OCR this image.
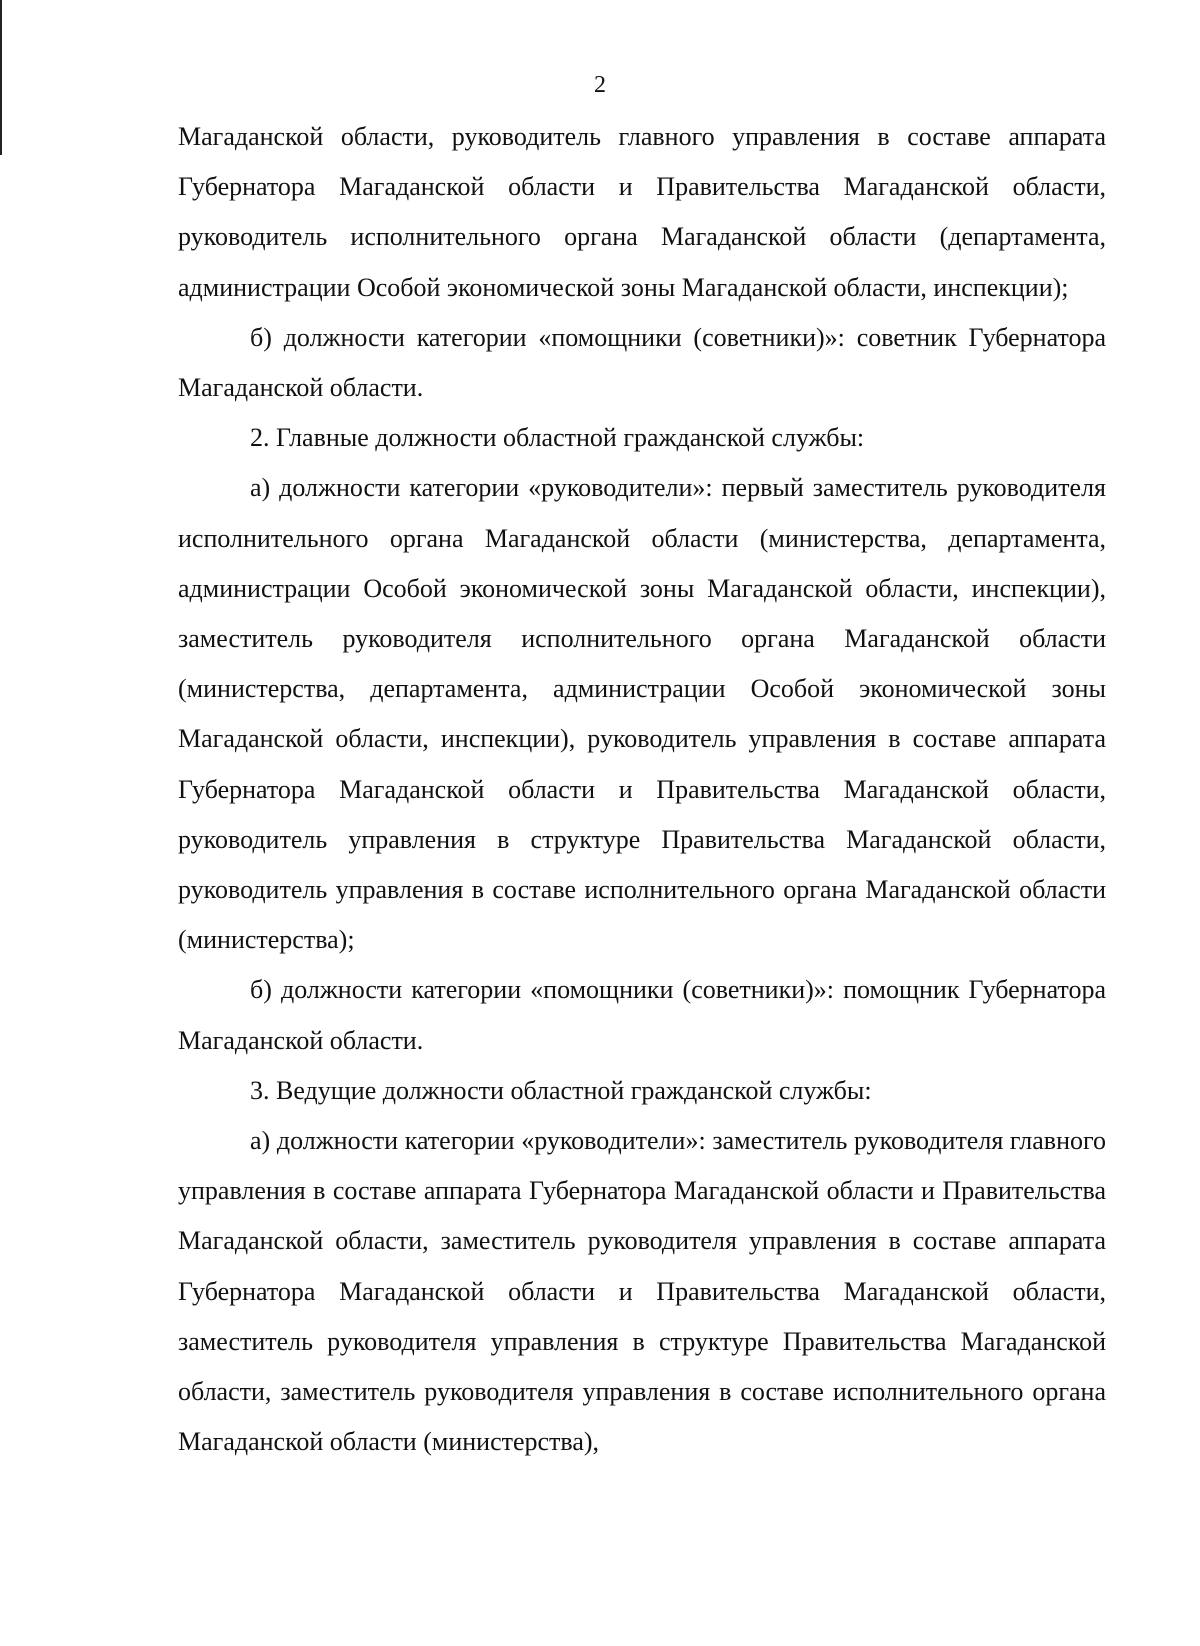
2

Магаданской области, руководитель главного управления в составе аппарата Губернатора Магаданской области и Правительства Магаданской области, руководитель исполнительного органа Магаданской области (департамента, администрации Особой экономической зоны Магаданской области, инспекции);

б) должности категории «помощники (советники)»: советник Губернатора Магаданской области.

2. Главные должности областной гражданской службы:

а) должности категории «руководители»: первый заместитель руководителя исполнительного органа Магаданской области (министерства, департамента, администрации Особой экономической зоны Магаданской области, инспекции), заместитель руководителя исполнительного органа Магаданской области (министерства, департамента, администрации Особой экономической зоны Магаданской области, инспекции), руководитель управления в составе аппарата Губернатора Магаданской области и Правительства Магаданской области, руководитель управления в структуре Правительства Магаданской области, руководитель управления в составе исполнительного органа Магаданской области (министерства);

б) должности категории «помощники (советники)»: помощник Губернатора Магаданской области.

3. Ведущие должности областной гражданской службы:

а) должности категории «руководители»: заместитель руководителя главного управления в составе аппарата Губернатора Магаданской области и Правительства Магаданской области, заместитель руководителя управления в составе аппарата Губернатора Магаданской области и Правительства Магаданской области, заместитель руководителя управления в структуре Правительства Магаданской области, заместитель руководителя управления в составе исполнительного органа Магаданской области (министерства),
